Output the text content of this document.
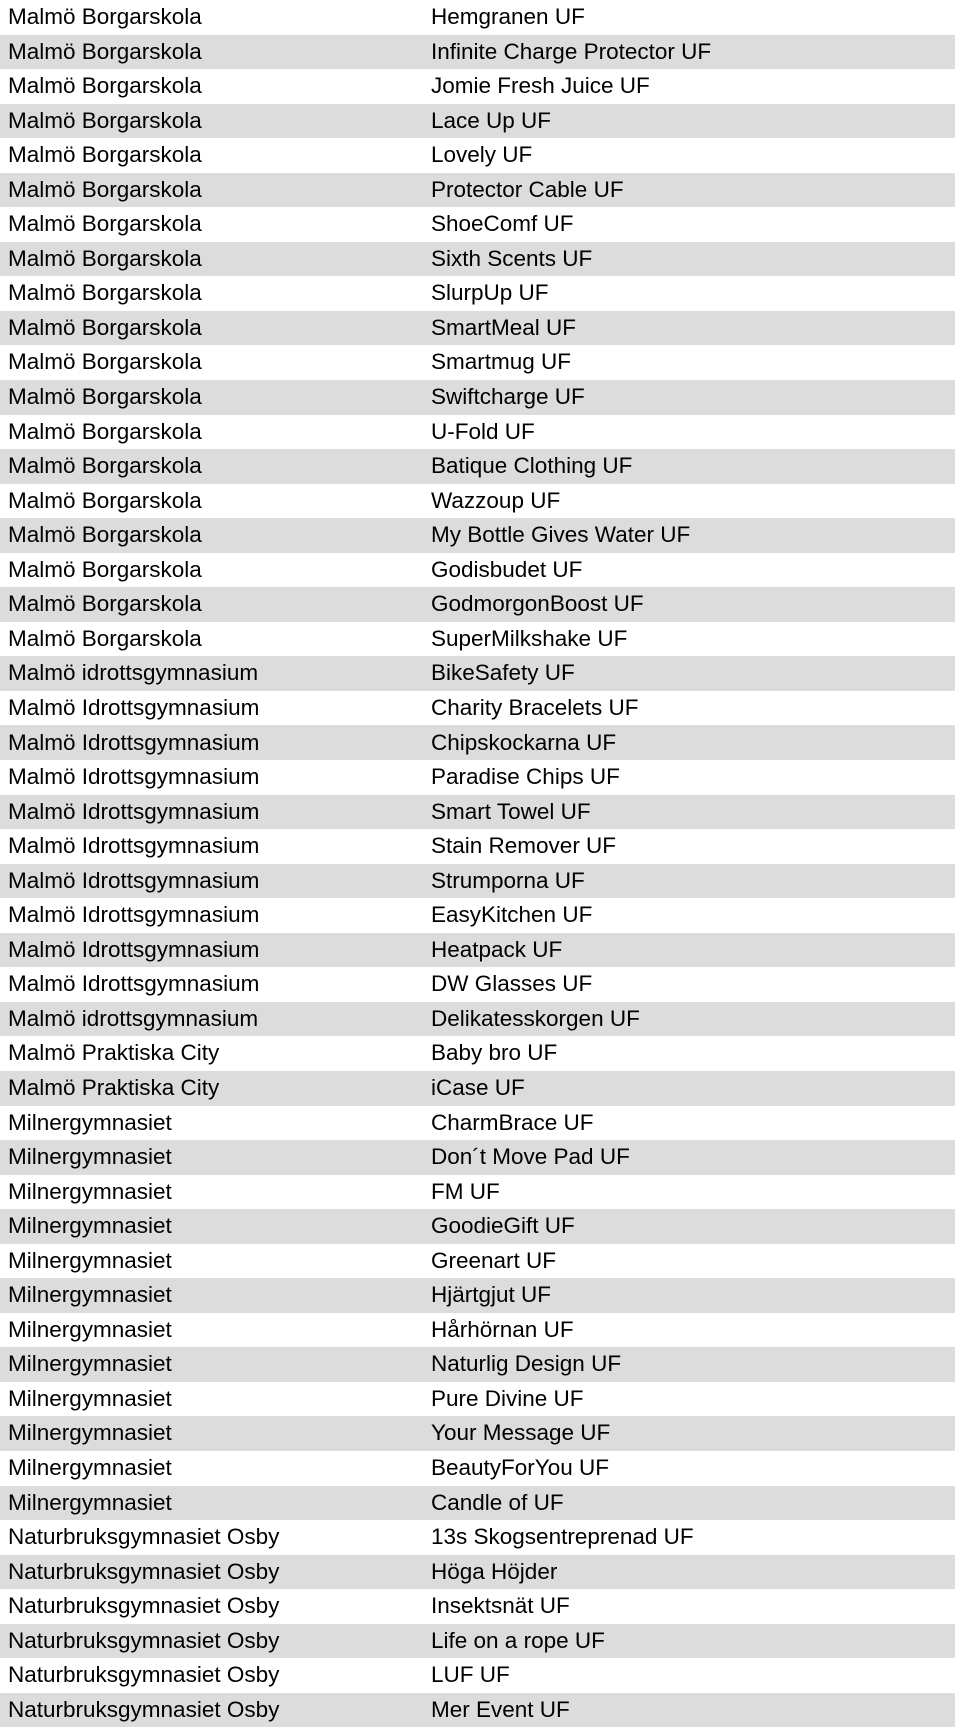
Malmö Borgarskola	Hemgranen UF
Malmö Borgarskola	Infinite Charge Protector UF
Malmö Borgarskola	Jomie Fresh Juice UF
Malmö Borgarskola	Lace Up UF
Malmö Borgarskola	Lovely UF
Malmö Borgarskola	Protector Cable UF
Malmö Borgarskola	ShoeComf UF
Malmö Borgarskola	Sixth Scents UF
Malmö Borgarskola	SlurpUp UF
Malmö Borgarskola	SmartMeal UF
Malmö Borgarskola	Smartmug UF
Malmö Borgarskola	Swiftcharge UF
Malmö Borgarskola	U-Fold UF
Malmö Borgarskola	Batique Clothing UF
Malmö Borgarskola	Wazzoup UF
Malmö Borgarskola	My Bottle Gives Water UF
Malmö Borgarskola	Godisbudet UF
Malmö Borgarskola	GodmorgonBoost UF
Malmö Borgarskola	SuperMilkshake UF
Malmö idrottsgymnasium	BikeSafety UF
Malmö Idrottsgymnasium	Charity Bracelets UF
Malmö Idrottsgymnasium	Chipskockarna UF
Malmö Idrottsgymnasium	Paradise Chips UF
Malmö Idrottsgymnasium	Smart Towel UF
Malmö Idrottsgymnasium	Stain Remover UF
Malmö Idrottsgymnasium	Strumporna UF
Malmö Idrottsgymnasium	EasyKitchen UF
Malmö Idrottsgymnasium	Heatpack UF
Malmö Idrottsgymnasium	DW Glasses UF
Malmö idrottsgymnasium	Delikatesskorgen UF
Malmö Praktiska City	Baby bro UF
Malmö Praktiska City	iCase UF
Milnergymnasiet	CharmBrace UF
Milnergymnasiet	Don´t Move Pad UF
Milnergymnasiet	FM UF
Milnergymnasiet	GoodieGift UF
Milnergymnasiet	Greenart UF
Milnergymnasiet	Hjärtgjut UF
Milnergymnasiet	Hårhörnan UF
Milnergymnasiet	Naturlig Design UF
Milnergymnasiet	Pure Divine UF
Milnergymnasiet	Your Message UF
Milnergymnasiet	BeautyForYou UF
Milnergymnasiet	Candle of UF
Naturbruksgymnasiet Osby	13s Skogsentreprenad UF
Naturbruksgymnasiet Osby	Höga Höjder
Naturbruksgymnasiet Osby	Insektsnät UF
Naturbruksgymnasiet Osby	Life on a rope UF
Naturbruksgymnasiet Osby	LUF UF
Naturbruksgymnasiet Osby	Mer Event UF
